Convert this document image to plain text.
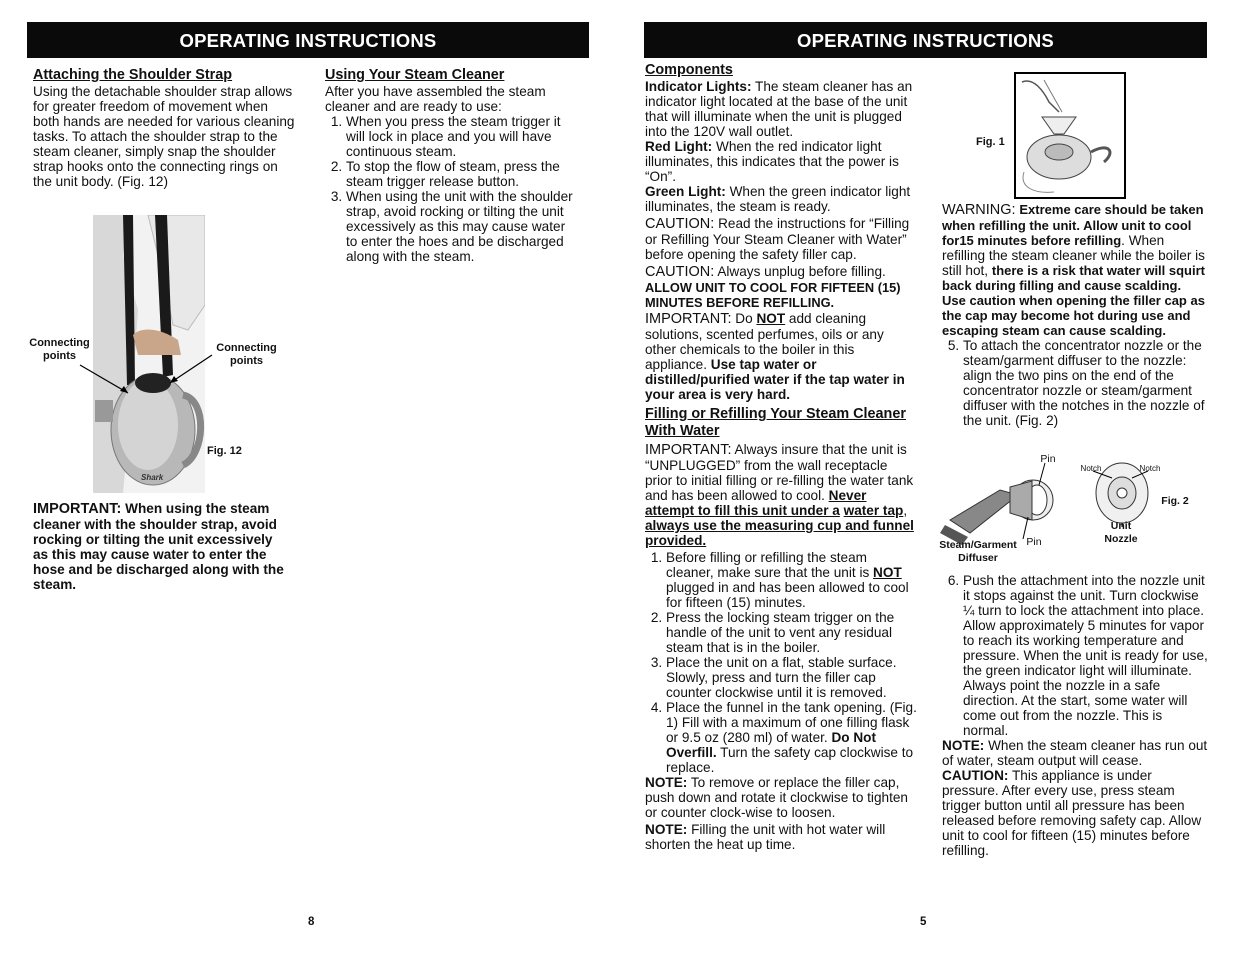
OPERATING INSTRUCTIONS

Attaching the Shoulder Strap

Using the detachable shoulder strap allows for greater freedom of movement when both hands are needed for various cleaning tasks. To attach the shoulder strap to the steam cleaner, simply snap the shoulder strap hooks onto the connecting rings on the unit body. (Fig. 12)

Shark
Connecting points
Connecting points
Fig. 12
IMPORTANT: When using the steam cleaner with the shoulder strap, avoid rocking or tilting the unit excessively as this may cause water to enter the hose and be discharged along with the steam.

Using Your Steam Cleaner

After you have assembled the steam cleaner and are ready to use:

1. When you press the steam trigger it will lock in place and you will have continuous steam.
2. To stop the flow of steam, press the steam trigger release button.
3. When using the unit with the shoulder strap, avoid rocking or tilting the unit excessively as this may cause water to enter the hoes and be discharged along with the steam.
8
OPERATING INSTRUCTIONS

Components

Indicator Lights: The steam cleaner has an indicator light located at the base of the unit that will illuminate when the unit is plugged into the 120V wall outlet.

Red Light: When the red indicator light illuminates, this indicates that the power is “On”.

Green Light: When the green indicator light illuminates, the steam is ready.

CAUTION: Read the instructions for “Filling or Refilling Your Steam Cleaner with Water” before opening the safety filler cap.

CAUTION: Always unplug before filling. ALLOW UNIT TO COOL FOR FIFTEEN (15) MINUTES BEFORE REFILLING.

IMPORTANT: Do NOT add cleaning solutions, scented perfumes, oils or any other chemicals to the boiler in this appliance. Use tap water or distilled/purified water if the tap water in your area is very hard.

Filling or Refilling Your Steam Cleaner With Water

IMPORTANT: Always insure that the unit is “UNPLUGGED” from the wall receptacle prior to initial filling or re-filling the water tank and has been allowed to cool. Never attempt to fill this unit under a water tap, always use the measuring cup and funnel provided.

1. Before filling or refilling the steam cleaner, make sure that the unit is NOT plugged in and has been allowed to cool for fifteen (15) minutes.
2. Press the locking steam trigger on the handle of the unit to vent any residual steam that is in the boiler.
3. Place the unit on a flat, stable surface. Slowly, press and turn the filler cap counter clockwise until it is removed.
4. Place the funnel in the tank opening. (Fig. 1) Fill with a maximum of one filling flask or 9.5 oz (280 ml) of water. Do Not Overfill. Turn the safety cap clockwise to replace.

NOTE: To remove or replace the filler cap, push down and rotate it clockwise to tighten or counter clock-wise to loosen.

NOTE: Filling the unit with hot water will shorten the heat up time.

Fig. 1

WARNING: Extreme care should be taken when refilling the unit. Allow unit to cool for15 minutes before refilling. When refilling the steam cleaner while the boiler is still hot, there is a risk that water will squirt back during filling and cause scalding. Use caution when opening the filler cap as the cap may become hot during use and escaping steam can cause scalding.

5. To attach the concentrator nozzle or the steam/garment diffuser to the nozzle: align the two pins on the end of the concentrator nozzle or steam/garment diffuser with the notches in the nozzle of the unit. (Fig. 2)
Pin
Pin
Notch	Notch
Steam/Garment Diffuser
Unit Nozzle
Fig. 2
6. Push the attachment into the nozzle unit it stops against the unit. Turn clockwise ¼ turn to lock the attachment into place. Allow approximately 5 minutes for vapor to reach its working temperature and pressure. When the unit is ready for use, the green indicator light will illuminate. Always point the nozzle in a safe direction. At the start, some water will come out from the nozzle. This is normal.

NOTE: When the steam cleaner has run out of water, steam output will cease.

CAUTION: This appliance is under pressure. After every use, press steam trigger button until all pressure has been released before removing safety cap. Allow unit to cool for fifteen (15) minutes before refilling.

5
